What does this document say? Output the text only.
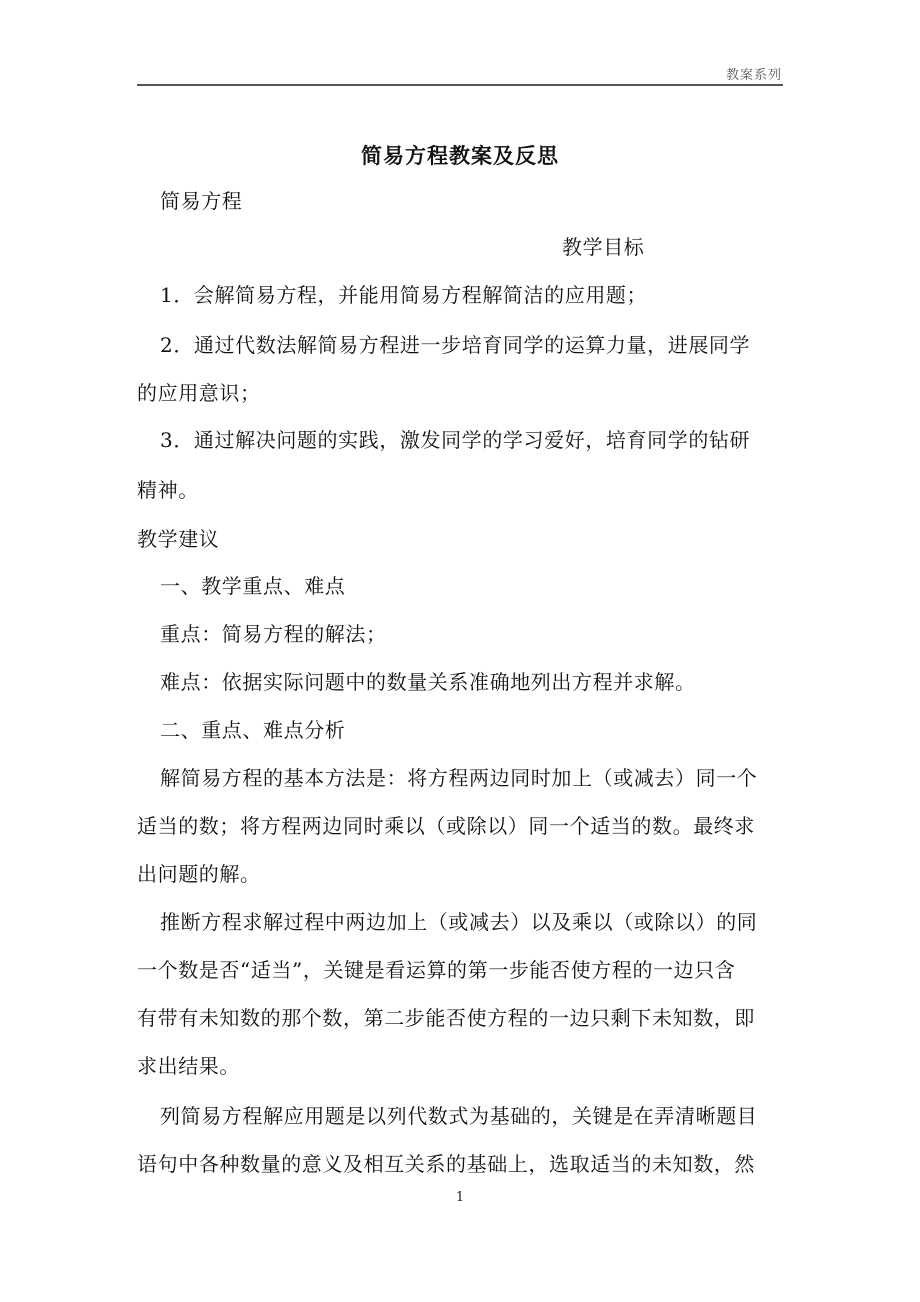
教案系列
简易方程教案及反思
简易方程
教学目标
1．会解简易方程，并能用简易方程解简洁的应用题；
2．通过代数法解简易方程进一步培育同学的运算力量，进展同学
的应用意识；
3．通过解决问题的实践，激发同学的学习爱好，培育同学的钻研
精神。
教学建议
一、教学重点、难点
重点：简易方程的解法；
难点：依据实际问题中的数量关系准确地列出方程并求解。
二、重点、难点分析
解简易方程的基本方法是：将方程两边同时加上（或减去）同一个
适当的数；将方程两边同时乘以（或除以）同一个适当的数。最终求
出问题的解。
推断方程求解过程中两边加上（或减去）以及乘以（或除以）的同
一个数是否“适当”，关键是看运算的第一步能否使方程的一边只含
有带有未知数的那个数，第二步能否使方程的一边只剩下未知数，即
求出结果。
列简易方程解应用题是以列代数式为基础的，关键是在弄清晰题目
语句中各种数量的意义及相互关系的基础上，选取适当的未知数，然
1
